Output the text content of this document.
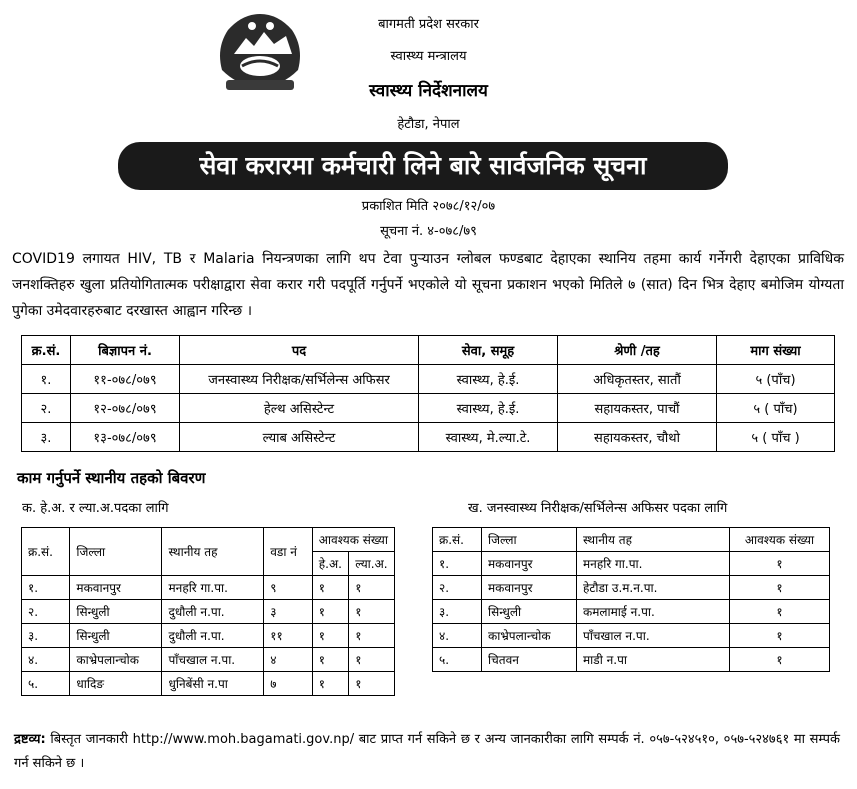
बागमती प्रदेश सरकार
स्वास्थ्य मन्त्रालय
स्वास्थ्य निर्देशनालय
हेटौडा, नेपाल
सेवा करारमा कर्मचारी लिने बारे सार्वजनिक सूचना
प्रकाशित मिति २०७८/१२/०७
सूचना नं. ४-०७८/७९
COVID19 लगायत HIV, TB र Malaria नियन्त्रणका लागि थप टेवा पुऱ्याउन ग्लोबल फण्डबाट देहाएका स्थानिय तहमा कार्य गर्नेगरी देहाएका प्राविधिक जनशक्तिहरु खुला प्रतियोगितात्मक परीक्षाद्वारा सेवा करार गरी पदपूर्ति गर्नुपर्ने भएकोले यो सूचना प्रकाशन भएको मितिले ७ (सात) दिन भित्र देहाए बमोजिम योग्यता पुगेका उमेदवारहरुबाट दरखास्त आह्वान गरिन्छ ।
क्र.सं.	बिज्ञापन नं.	पद	सेवा, समूह	श्रेणी /तह	माग संख्या
१.	११-०७८/०७९	जनस्वास्थ्य निरीक्षक/सर्भिलेन्स अफिसर	स्वास्थ्य, हे.ई.	अधिकृतस्तर, सातौं	५ (पाँच)
२.	१२-०७८/०७९	हेल्थ असिस्टेन्ट	स्वास्थ्य, हे.ई.	सहायकस्तर, पाचौं	५ ( पाँच)
३.	१३-०७८/०७९	ल्याब असिस्टेन्ट	स्वास्थ्य, मे.ल्या.टे.	सहायकस्तर, चौथो	५ ( पाँच )
काम गर्नुपर्ने स्थानीय तहको बिवरण
क. हे.अ. र ल्या.अ.पदका लागि	ख. जनस्वास्थ्य निरीक्षक/सर्भिलेन्स अफिसर पदका लागि
क्र.सं.	जिल्ला	स्थानीय तह	वडा नं	आवश्यक संख्या	
				हे.अ.	ल्या.अ.
१.	मकवानपुर	मनहरि गा.पा.	९	१	१
२.	सिन्धुली	दुधौली न.पा.	३	१	१
३.	सिन्धुली	दुधौली न.पा.	११	१	१
४.	काभ्रेपलान्चोक	पाँचखाल न.पा.	४	१	१
५.	धादिङ	धुनिबेंसी न.पा	७	१	१
क्र.सं.	जिल्ला	स्थानीय तह	आवश्यक संख्या
१.	मकवानपुर	मनहरि गा.पा.	१
२.	मकवानपुर	हेटौडा उ.म.न.पा.	१
३.	सिन्धुली	कमलामाई न.पा.	१
४.	काभ्रेपलान्चोक	पाँचखाल न.पा.	१
५.	चितवन	माडी न.पा	१
द्रष्टव्य: बिस्तृत जानकारी http://www.moh.bagamati.gov.np/ बाट प्राप्त गर्न सकिने छ र अन्य जानकारीका लागि सम्पर्क नं. ०५७-५२४५१०, ०५७-५२४७६१ मा सम्पर्क गर्न सकिने छ ।
